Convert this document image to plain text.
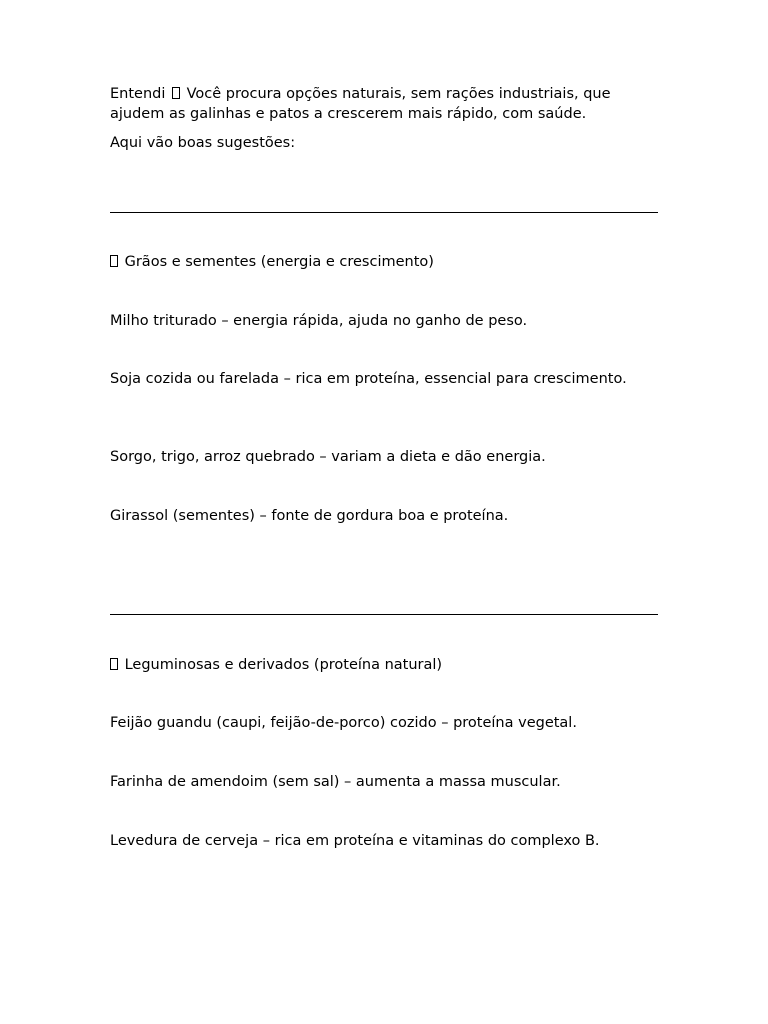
Entendi Você procura opções naturais, sem rações industriais, que ajudem as galinhas e patos a crescerem mais rápido, com saúde.

Aqui vão boas sugestões:

Grãos e sementes (energia e crescimento)

Milho triturado – energia rápida, ajuda no ganho de peso.

Soja cozida ou farelada – rica em proteína, essencial para crescimento.

Sorgo, trigo, arroz quebrado – variam a dieta e dão energia.

Girassol (sementes) – fonte de gordura boa e proteína.

Leguminosas e derivados (proteína natural)

Feijão guandu (caupi, feijão-de-porco) cozido – proteína vegetal.

Farinha de amendoim (sem sal) – aumenta a massa muscular.

Levedura de cerveja – rica em proteína e vitaminas do complexo B.
